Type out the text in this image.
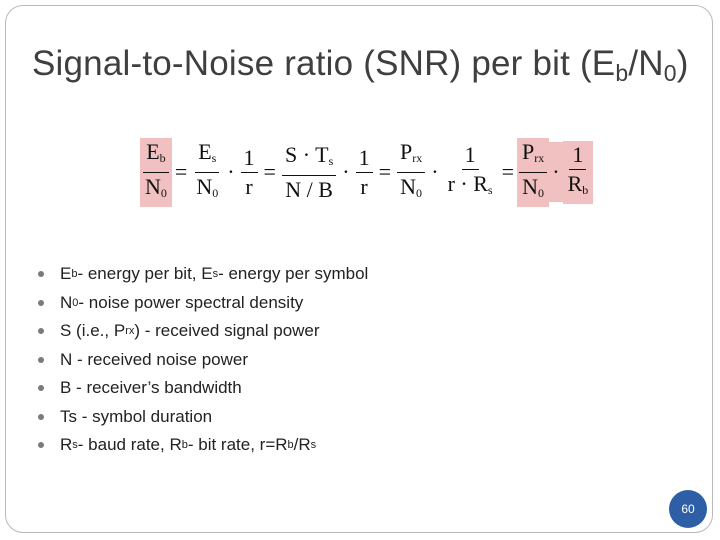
Signal-to-Noise ratio (SNR) per bit $(E_b/N_0)$
$\frac{E_b}{N_0} = \frac{E_s}{N_0} \cdot \frac{1}{r} = \frac{S \cdot T_s}{N / B} \cdot \frac{1}{r} = \frac{P_{rx}}{N_0} \cdot \frac{1}{r \cdot R_s} = \frac{P_{rx}}{N_0} \cdot \frac{1}{R_b}$
E b - energy per bit, E s - energy per symbol
N 0 - noise power spectral density
S (i.e., P rx ) - received signal power
N - received noise power
B - receiver’s bandwidth
Ts - symbol duration
R s - baud rate, R b - bit rate, r=R b /R s
60
